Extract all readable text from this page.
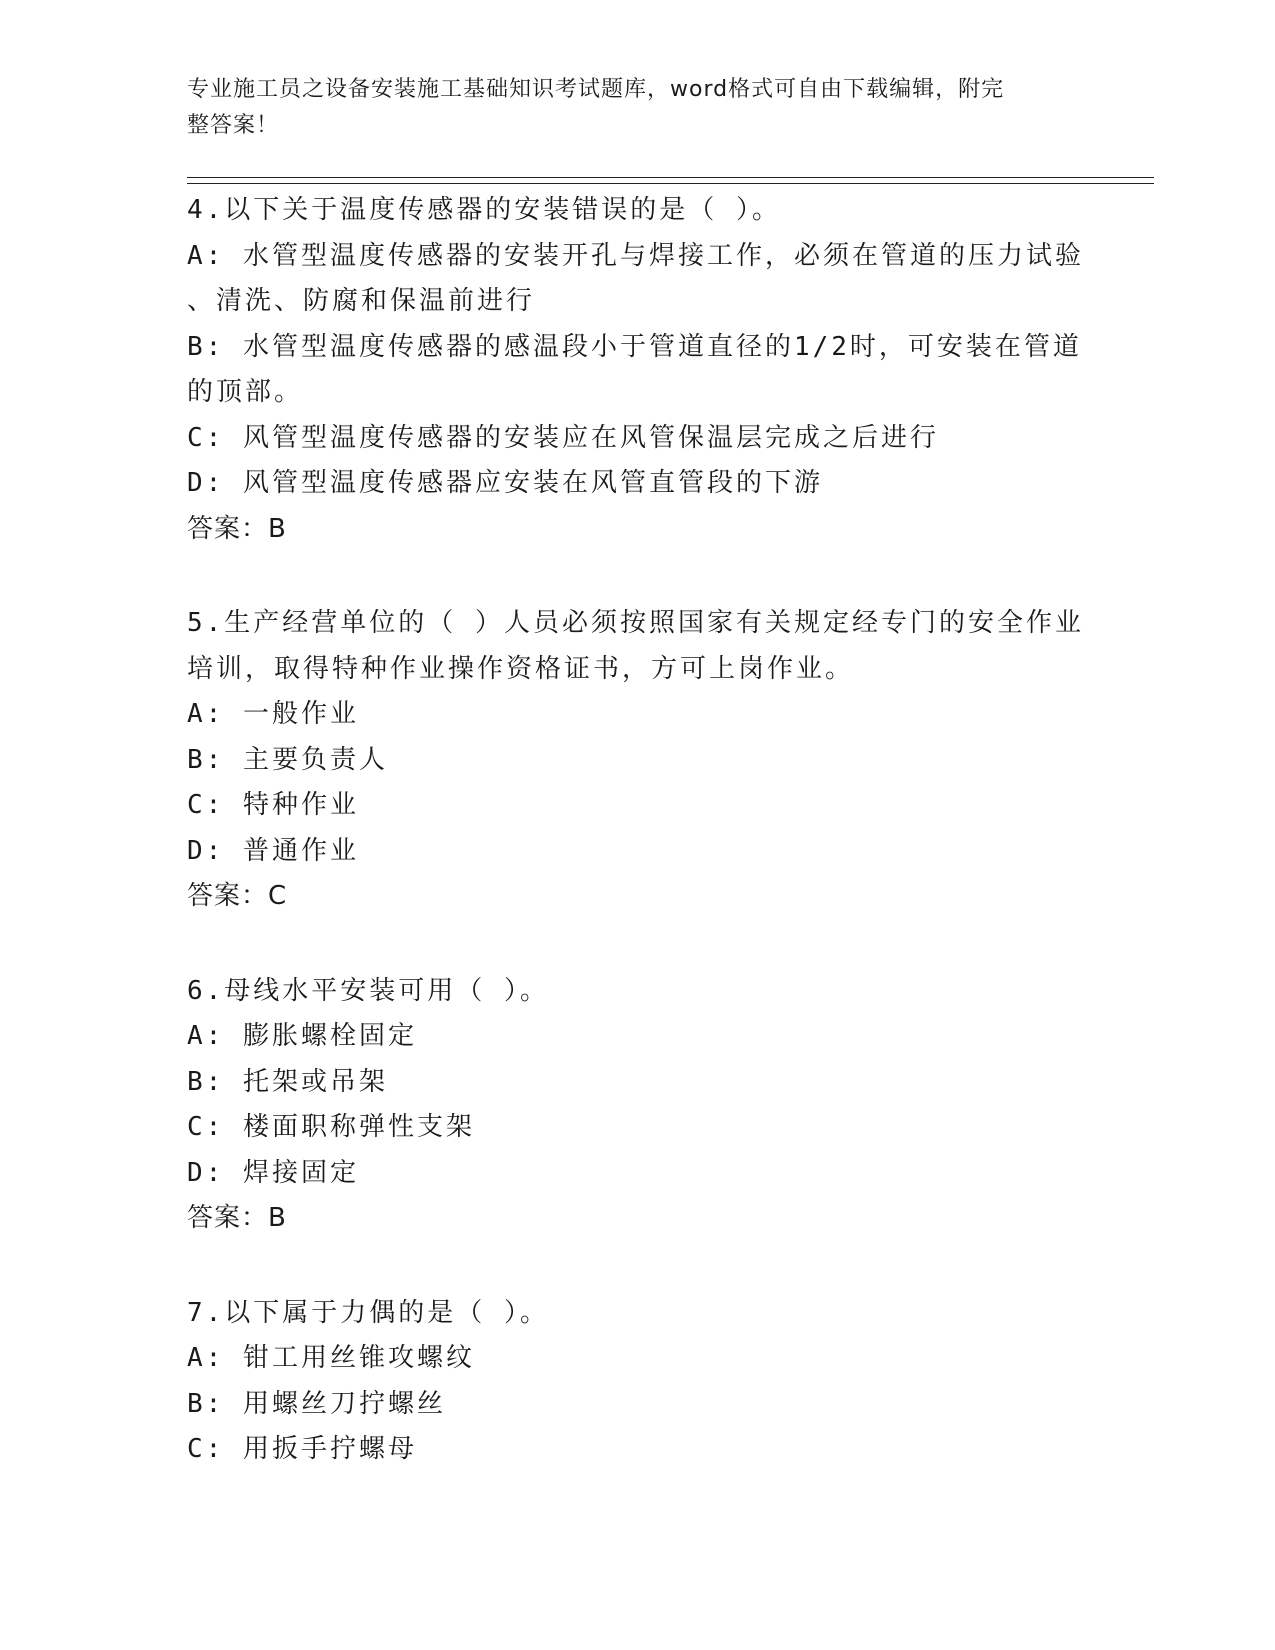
专业施工员之设备安装施工基础知识考试题库，word格式可自由下载编辑，附完
整答案！
4.以下关于温度传感器的安装错误的是（ ）。
A: 水管型温度传感器的安装开孔与焊接工作，必须在管道的压力试验
、清洗、防腐和保温前进行
B: 水管型温度传感器的感温段小于管道直径的1/2时，可安装在管道
的顶部。
C: 风管型温度传感器的安装应在风管保温层完成之后进行
D: 风管型温度传感器应安装在风管直管段的下游
答案：B
5.生产经营单位的（ ）人员必须按照国家有关规定经专门的安全作业
培训，取得特种作业操作资格证书，方可上岗作业。
A: 一般作业
B: 主要负责人
C: 特种作业
D: 普通作业
答案：C
6.母线水平安装可用（ ）。
A: 膨胀螺栓固定
B: 托架或吊架
C: 楼面职称弹性支架
D: 焊接固定
答案：B
7.以下属于力偶的是（ ）。
A: 钳工用丝锥攻螺纹
B: 用螺丝刀拧螺丝
C: 用扳手拧螺母
